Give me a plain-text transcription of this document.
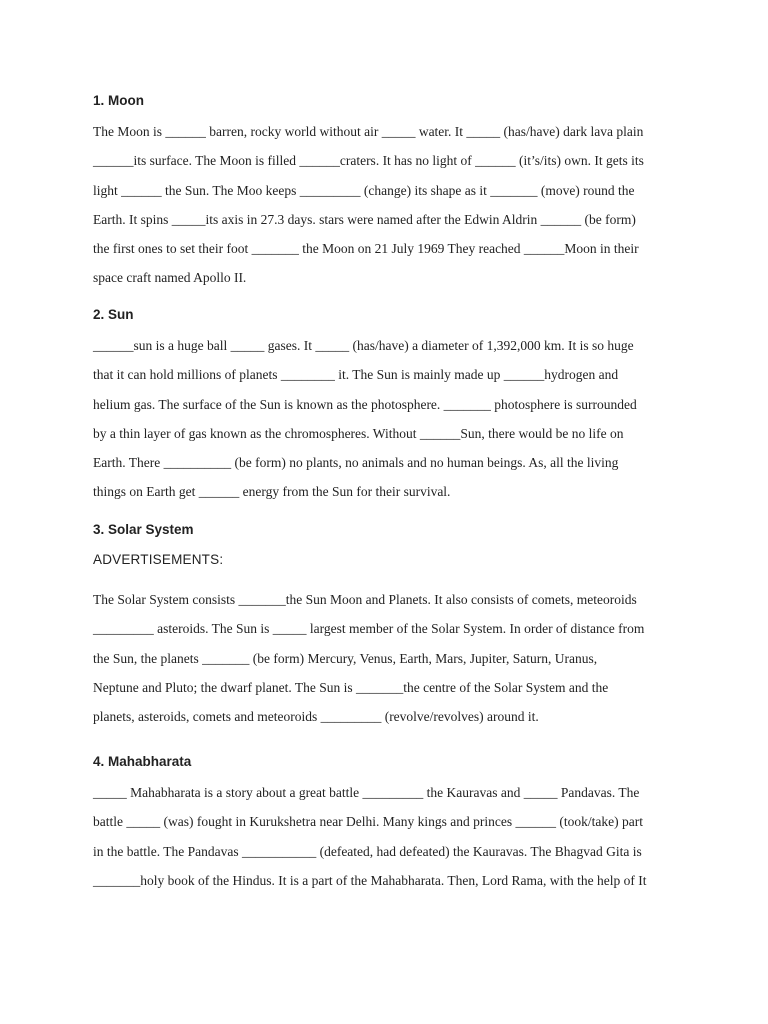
1. Moon
The Moon is ______ barren, rocky world without air _____ water. It _____ (has/have) dark lava plain
______its surface. The Moon is filled ______craters. It has no light of ______ (it’s/its) own. It gets its
light ______ the Sun. The Moo keeps _________ (change) its shape as it _______ (move) round the
Earth. It spins _____its axis in 27.3 days. stars were named after the Edwin Aldrin ______ (be form)
the first ones to set their foot _______ the Moon on 21 July 1969 They reached ______Moon in their
space craft named Apollo II.
2. Sun
______sun is a huge ball _____ gases. It _____ (has/have) a diameter of 1,392,000 km. It is so huge
that it can hold millions of planets ________ it. The Sun is mainly made up ______hydrogen and
helium gas. The surface of the Sun is known as the photosphere. _______ photosphere is surrounded
by a thin layer of gas known as the chromospheres. Without ______Sun, there would be no life on
Earth. There __________ (be form) no plants, no animals and no human beings. As, all the living
things on Earth get ______ energy from the Sun for their survival.
3. Solar System

ADVERTISEMENTS:

The Solar System consists _______the Sun Moon and Planets. It also consists of comets, meteoroids
_________ asteroids. The Sun is _____ largest member of the Solar System. In order of distance from
the Sun, the planets _______ (be form) Mercury, Venus, Earth, Mars, Jupiter, Saturn, Uranus,
Neptune and Pluto; the dwarf planet. The Sun is _______the centre of the Solar System and the
planets, asteroids, comets and meteoroids _________ (revolve/revolves) around it.
4. Mahabharata
_____ Mahabharata is a story about a great battle _________ the Kauravas and _____ Pandavas. The
battle _____ (was) fought in Kurukshetra near Delhi. Many kings and princes ______ (took/take) part
in the battle. The Pandavas ___________ (defeated, had defeated) the Kauravas. The Bhagvad Gita is
_______holy book of the Hindus. It is a part of the Mahabharata. Then, Lord Rama, with the help of It
